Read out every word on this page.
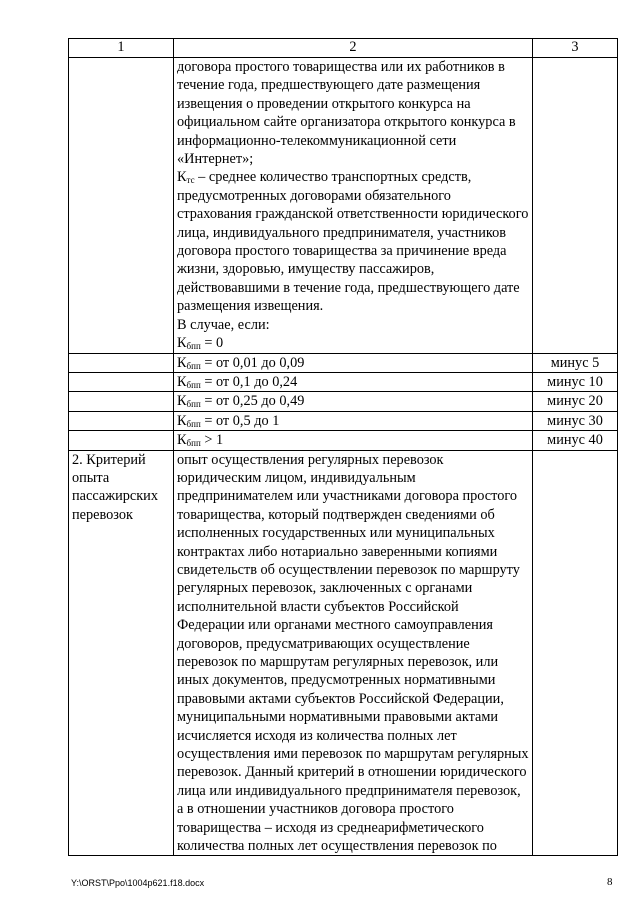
1	2	3
	договора простого товарищества или их работников в течение года, предшествующего дате размещения извещения о проведении открытого конкурса на официальном сайте организатора открытого конкурса в информационно-телекоммуникационной сети «Интернет»;
$К_{тс}$ – среднее количество транспортных средств, предусмотренных договорами обязательного страхования гражданской ответственности юридического лица, индивидуального предпринимателя, участников договора простого товарищества за причинение вреда жизни, здоровью, имуществу пассажиров, действовавшими в течение года, предшествующего дате размещения извещения.
В случае, если:
$К_{бпп} = 0$	

	$К_{бпп}$ = от 0,01 до 0,09	минус 5
	$К_{бпп}$ = от 0,1 до 0,24	минус 10
	$К_{бпп}$ = от 0,25 до 0,49	минус 20
	$К_{бпп}$ = от 0,5 до 1	минус 30
	$К_{бпп} > 1$	минус 40
2. Критерий опыта пассажирских перевозок	опыт осуществления регулярных перевозок юридическим лицом, индивидуальным предпринимателем или участниками договора простого товарищества, который подтвержден сведениями об исполненных государственных или муниципальных контрактах либо нотариально заверенными копиями свидетельств об осуществлении перевозок по маршруту регулярных перевозок, заключенных с органами исполнительной власти субъектов Российской Федерации или органами местного самоуправления договоров, предусматривающих осуществление перевозок по маршрутам регулярных перевозок, или иных документов, предусмотренных нормативными правовыми актами субъектов Российской Федерации, муниципальными нормативными правовыми актами исчисляется исходя из количества полных лет осуществления ими перевозок по маршрутам регулярных перевозок. Данный критерий в отношении юридического лица или индивидуального предпринимателя перевозок,
а в отношении участников договора простого товарищества – исходя из среднеарифметического количества полных лет осуществления перевозок по	

Y:\ORST\Ppo\1004p621.f18.docx	8
